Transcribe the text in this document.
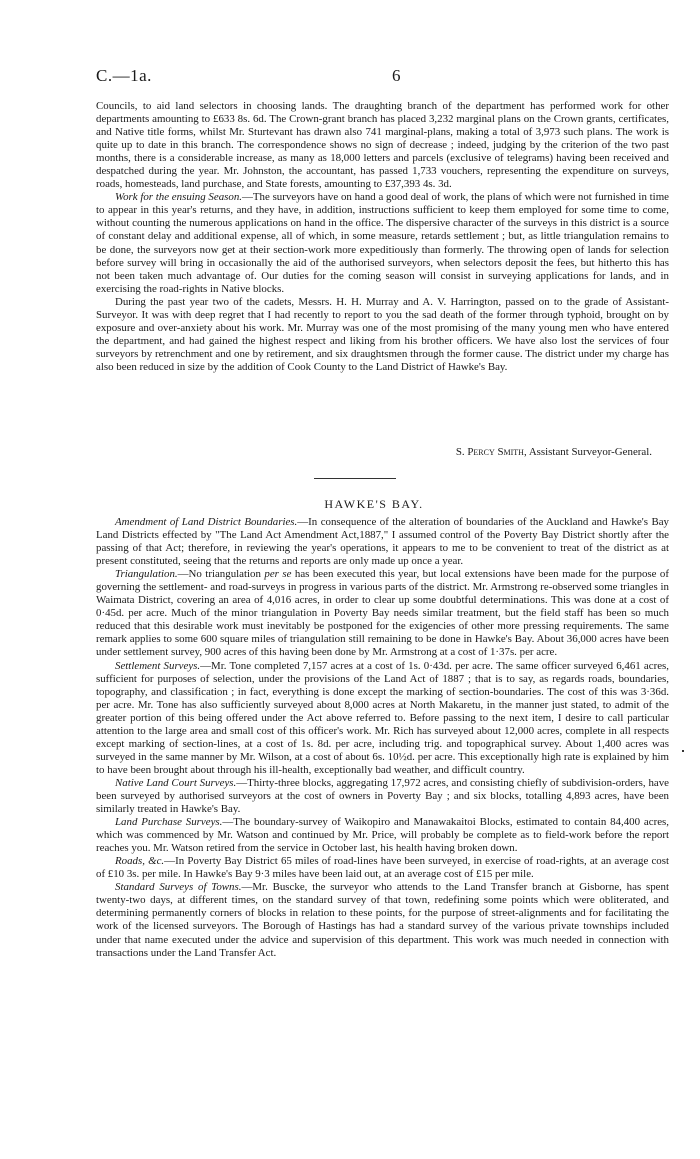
C.—1a.	6

Councils, to aid land selectors in choosing lands. The draughting branch of the department has performed work for other departments amounting to £633 8s. 6d. The Crown-grant branch has placed 3,232 marginal plans on the Crown grants, certificates, and Native title forms, whilst Mr. Sturtevant has drawn also 741 marginal-plans, making a total of 3,973 such plans. The work is quite up to date in this branch. The correspondence shows no sign of decrease ; indeed, judging by the criterion of the two past months, there is a considerable increase, as many as 18,000 letters and parcels (exclusive of telegrams) having been received and despatched during the year. Mr. Johnston, the accountant, has passed 1,733 vouchers, representing the expenditure on surveys, roads, homesteads, land purchase, and State forests, amounting to £37,393 4s. 3d.

Work for the ensuing Season.—The surveyors have on hand a good deal of work, the plans of which were not furnished in time to appear in this year's returns, and they have, in addition, instructions sufficient to keep them employed for some time to come, without counting the numerous applications on hand in the office. The dispersive character of the surveys in this district is a source of constant delay and additional expense, all of which, in some measure, retards settlement ; but, as little triangulation remains to be done, the surveyors now get at their section-work more expeditiously than formerly. The throwing open of lands for selection before survey will bring in occasionally the aid of the authorised surveyors, when selectors deposit the fees, but hitherto this has not been taken much advantage of. Our duties for the coming season will consist in surveying applications for lands, and in exercising the road-rights in Native blocks.

During the past year two of the cadets, Messrs. H. H. Murray and A. V. Harrington, passed on to the grade of Assistant-Surveyor. It was with deep regret that I had recently to report to you the sad death of the former through typhoid, brought on by exposure and over-anxiety about his work. Mr. Murray was one of the most promising of the many young men who have entered the department, and had gained the highest respect and liking from his brother officers. We have also lost the services of four surveyors by retrenchment and one by retirement, and six draughtsmen through the former cause. The district under my charge has also been reduced in size by the addition of Cook County to the Land District of Hawke's Bay.

S. Percy Smith, Assistant Surveyor-General.
HAWKE'S BAY.

Amendment of Land District Boundaries.—In consequence of the alteration of boundaries of the Auckland and Hawke's Bay Land Districts effected by "The Land Act Amendment Act,1887," I assumed control of the Poverty Bay District shortly after the passing of that Act; therefore, in reviewing the year's operations, it appears to me to be convenient to treat of the district as at present constituted, seeing that the returns and reports are only made up once a year.

Triangulation.—No triangulation per se has been executed this year, but local extensions have been made for the purpose of governing the settlement- and road-surveys in progress in various parts of the district. Mr. Armstrong re-observed some triangles in Waimata District, covering an area of 4,016 acres, in order to clear up some doubtful determinations. This was done at a cost of 0·45d. per acre. Much of the minor triangulation in Poverty Bay needs similar treatment, but the field staff has been so much reduced that this desirable work must inevitably be postponed for the exigencies of other more pressing requirements. The same remark applies to some 600 square miles of triangulation still remaining to be done in Hawke's Bay. About 36,000 acres have been under settlement survey, 900 acres of this having been done by Mr. Armstrong at a cost of 1·37s. per acre.

Settlement Surveys.—Mr. Tone completed 7,157 acres at a cost of 1s. 0·43d. per acre. The same officer surveyed 6,461 acres, sufficient for purposes of selection, under the provisions of the Land Act of 1887 ; that is to say, as regards roads, boundaries, topography, and classification ; in fact, everything is done except the marking of section-boundaries. The cost of this was 3·36d. per acre. Mr. Tone has also sufficiently surveyed about 8,000 acres at North Makaretu, in the manner just stated, to admit of the greater portion of this being offered under the Act above referred to. Before passing to the next item, I desire to call particular attention to the large area and small cost of this officer's work. Mr. Rich has surveyed about 12,000 acres, complete in all respects except marking of section-lines, at a cost of 1s. 8d. per acre, including trig. and topographical survey. About 1,400 acres was surveyed in the same manner by Mr. Wilson, at a cost of about 6s. 10½d. per acre. This exceptionally high rate is explained by him to have been brought about through his ill-health, exceptionally bad weather, and difficult country.

Native Land Court Surveys.—Thirty-three blocks, aggregating 17,972 acres, and consisting chiefly of subdivision-orders, have been surveyed by authorised surveyors at the cost of owners in Poverty Bay ; and six blocks, totalling 4,893 acres, have been similarly treated in Hawke's Bay.

Land Purchase Surveys.—The boundary-survey of Waikopiro and Manawakaitoi Blocks, estimated to contain 84,400 acres, which was commenced by Mr. Watson and continued by Mr. Price, will probably be complete as to field-work before the report reaches you. Mr. Watson retired from the service in October last, his health having broken down.

Roads, &c.—In Poverty Bay District 65 miles of road-lines have been surveyed, in exercise of road-rights, at an average cost of £10 3s. per mile. In Hawke's Bay 9·3 miles have been laid out, at an average cost of £15 per mile.

Standard Surveys of Towns.—Mr. Buscke, the surveyor who attends to the Land Transfer branch at Gisborne, has spent twenty-two days, at different times, on the standard survey of that town, redefining some points which were obliterated, and determining permanently corners of blocks in relation to these points, for the purpose of street-alignments and for facilitating the work of the licensed surveyors. The Borough of Hastings has had a standard survey of the various private townships included under that name executed under the advice and supervision of this department. This work was much needed in connection with transactions under the Land Transfer Act.
